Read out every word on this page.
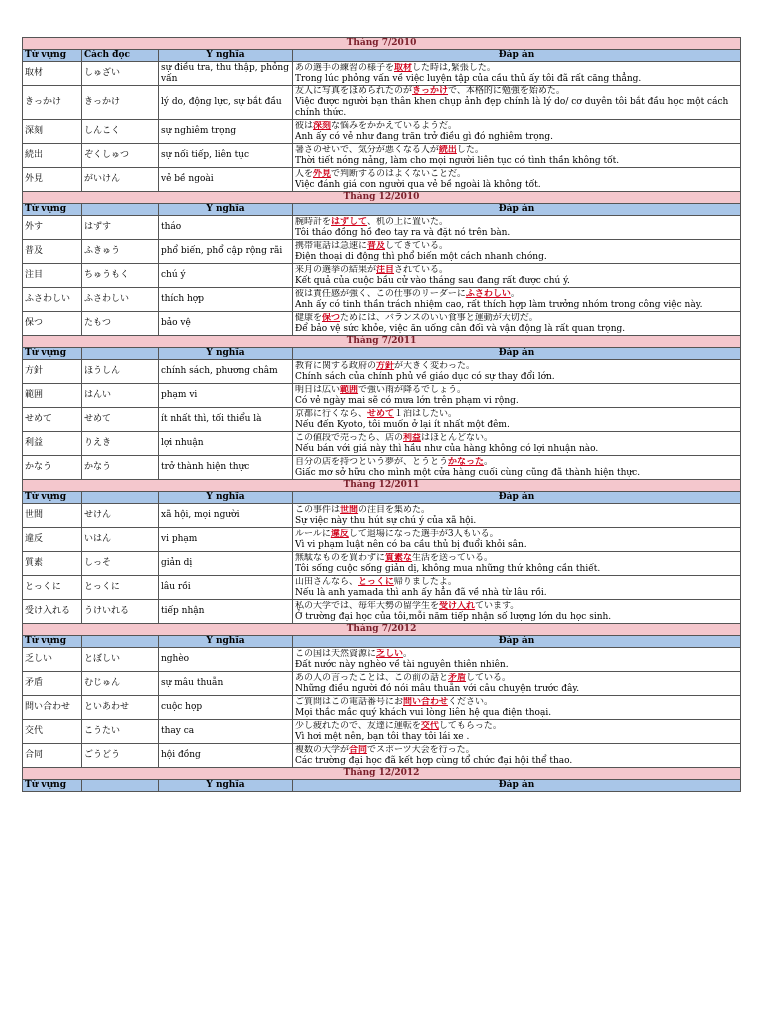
Tháng 7/2010			
Từ vựng	Cách đọc	Ý nghĩa	Đáp án
取材	しゅざい	sự điều tra, thu thập, phỏng vấn	あの選手の練習の様子を取材した時は,緊張した。
Trong lúc phỏng vấn về việc luyện tập của cầu thủ ấy tôi đã rất căng thẳng.

きっかけ	きっかけ	lý do, động lực, sự bắt đầu	友人に写真をほめられたのがきっかけで、本格的に勉強を始めた。
Việc được người bạn thân khen chụp ảnh đẹp chính là lý do/ cơ duyên tôi bắt đầu học một cách chính thức.

深刻	しんこく	sự nghiêm trọng	彼は深刻な悩みをかかえているようだ。
Anh ấy có vẻ như đang trăn trở điều gì đó nghiêm trọng.

続出	ぞくしゅつ	sự nối tiếp, liên tục	暑さのせいで、気分が悪くなる人が続出した。
Thời tiết nóng nảng, làm cho mọi người liên tục có tình thần không tốt.

外見	がいけん	vẻ bề ngoài	人を外見で判断するのはよくないことだ。
Việc đánh giá con người qua vẻ bề ngoài là không tốt.

Tháng 12/2010			
Từ vựng		Ý nghĩa	Đáp án
外す	はずす	tháo	腕時計をはずして、机の上に置いた。
Tôi tháo đồng hồ đeo tay ra và đặt nó trên bàn.

普及	ふきゅう	phổ biến, phổ cập rộng rãi	携帯電話は急速に普及してきている。
Điện thoại di động thì phổ biến một cách nhanh chóng.

注目	ちゅうもく	chú ý	来月の選挙の結果が注目されている。
Kết quả của cuộc bầu cử vào tháng sau đang rất được chú ý.

ふさわしい	ふさわしい	thích hợp	彼は責任感が強く、この仕事のリーダーにふさわしい。
Anh ấy có tinh thần trách nhiệm cao, rất thích hợp làm trưởng nhóm trong công việc này.

保つ	たもつ	bảo vệ	健康を保つためには、バランスのいい食事と運動が大切だ。
Để bảo vệ sức khỏe, việc ăn uống cân đối và vận động là rất quan trọng.

Tháng 7/2011			
Từ vựng		Ý nghĩa	Đáp án
方針	ほうしん	chính sách, phương châm	教育に関する政府の方針が大きく変わった。
Chính sách của chính phủ về giáo dục có sự thay đổi lớn.

範囲	はんい	phạm vi	明日は広い範囲で強い雨が降るでしょう。
Có vẻ ngày mai sẽ có mưa lớn trên phạm vi rộng.

せめて	せめて	ít nhất thì, tối thiểu là	京都に行くなら、せめて１泊はしたい。
Nếu đến Kyoto, tôi muốn ở lại ít nhất một đêm.

利益	りえき	lợi nhuận	この値段で売ったら、店の利益はほとんどない。
Nếu bán với giá này thì hầu như của hàng không có lợi nhuận nào.

かなう	かなう	trở thành hiện thực	自分の店を持つという夢が、とうとうかなった。
Giấc mơ sở hữu cho mình một cửa hàng cuối cùng cũng đã thành hiện thực.

Tháng 12/2011			
Từ vựng		Ý nghĩa	Đáp án
世間	せけん	xã hội, mọi người	この事件は世間の注目を集めた。
Sự việc này thu hút sự chú ý của xã hội.

違反	いはん	vi phạm	ルールに違反して退場になった選手が3人もいる。
Vì vi phạm luật nên có ba cầu thủ bị đuổi khỏi sân.

質素	しっそ	giản dị	無駄なものを買わずに質素な生活を送っている。
Tôi sống cuộc sống giản dị, không mua những thứ không cần thiết.

とっくに	とっくに	lâu rồi	山田さんなら、とっくに帰りましたよ。
Nếu là anh yamada thì anh ấy hẳn đã về nhà từ lâu rồi.

受け入れる	うけいれる	tiếp nhận	私の大学では、毎年大勢の留学生を受け入れています。
Ở trường đại học của tôi,mỗi năm tiếp nhận số lượng lớn du học sinh.

Tháng 7/2012			
Từ vựng		Ý nghĩa	Đáp án
乏しい	とぼしい	nghèo	この国は天然資源に乏しい。
Đất nước này nghèo về tài nguyên thiên nhiên.

矛盾	むじゅん	sự mâu thuẫn	あの人の言ったことは、この前の話と矛盾している。
Những điều người đó nói mâu thuẫn với câu chuyện trước đây.

問い合わせ	といあわせ	cuộc họp	ご質問はこの電話番号にお問い合わせください。
Mọi thắc mắc quý khách vui lòng liên hệ qua điện thoại.

交代	こうたい	thay ca	少し疲れたので、友達に運転を交代してもらった。
Vì hơi mệt nên, bạn tôi thay tôi lái xe .

合同	ごうどう	hội đồng	複数の大学が合同でスポーツ大会を行った。
Các trường đại học đã kết hợp cùng tổ chức đại hội thể thao.

Tháng 12/2012			
Từ vựng		Ý nghĩa	Đáp án
